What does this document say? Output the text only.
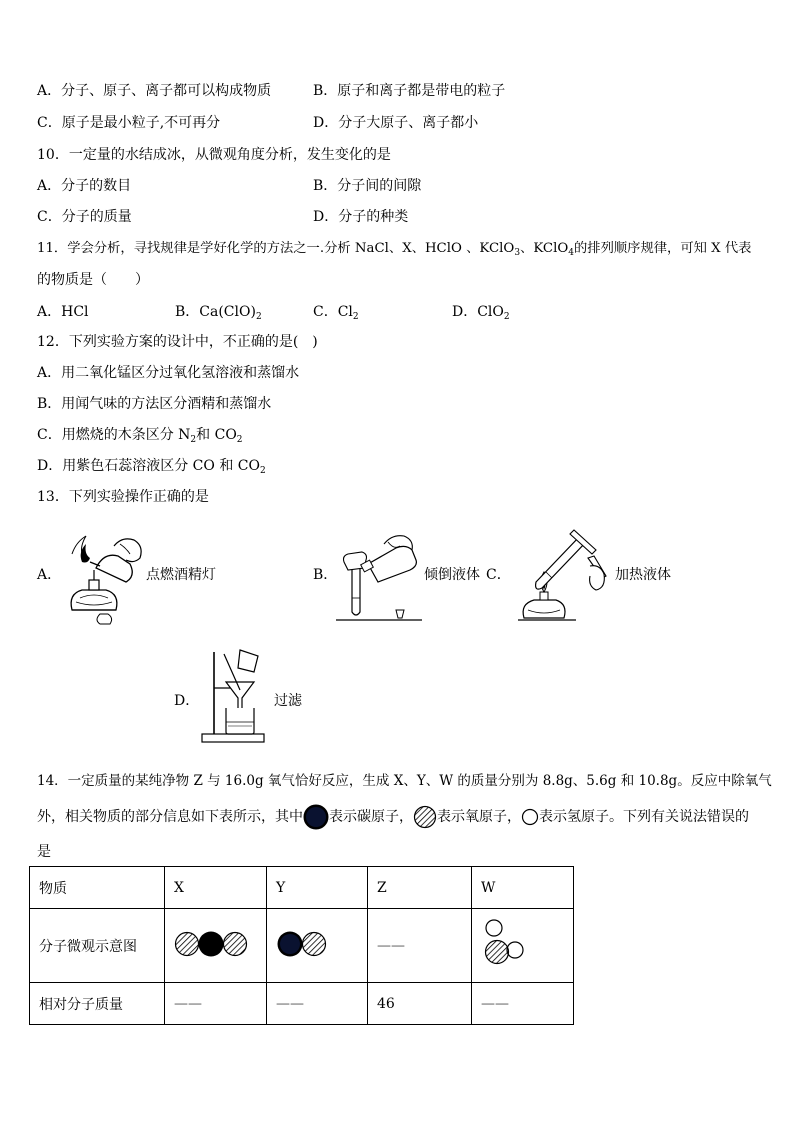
A．分子、原子、离子都可以构成物质	B．原子和离子都是带电的粒子
C．原子是最小粒子,不可再分	D．分子大原子、离子都小
10．一定量的水结成冰，从微观角度分析，发生变化的是
A．分子的数目	B．分子间的间隙
C．分子的质量	D．分子的种类
11．学会分析，寻找规律是学好化学的方法之一.分析 NaCl、X、HClO 、KClO$_3$、KClO$_4$的排列顺序规律，可知 X 代表
的物质是（　　）
A．HCl	B．$Ca(ClO)_2$	C．$Cl_2$	D．ClO$_2$
12．下列实验方案的设计中，不正确的是(　)
A．用二氧化锰区分过氧化氢溶液和蒸馏水
B．用闻气味的方法区分酒精和蒸馏水
C．用燃烧的木条区分 $N_2$和 $CO_2$
D．用紫色石蕊溶液区分 CO 和 $CO_2$
13．下列实验操作正确的是
A．	点燃酒精灯	B．	倾倒液体 C．	加热液体
D．	过滤
14．一定质量的某纯净物 Z 与 16.0g 氧气恰好反应，生成 X、Y、W 的质量分别为 8.8g、5.6g 和 10.8g。反应中除氧气
外，相关物质的部分信息如下表所示，其中 表示碳原子， 表示氧原子， 表示氢原子。下列有关说法错误的
是
物质	X	Y	Z	W
分子微观示意图			——	
相对分子质量	——	——	46	——
